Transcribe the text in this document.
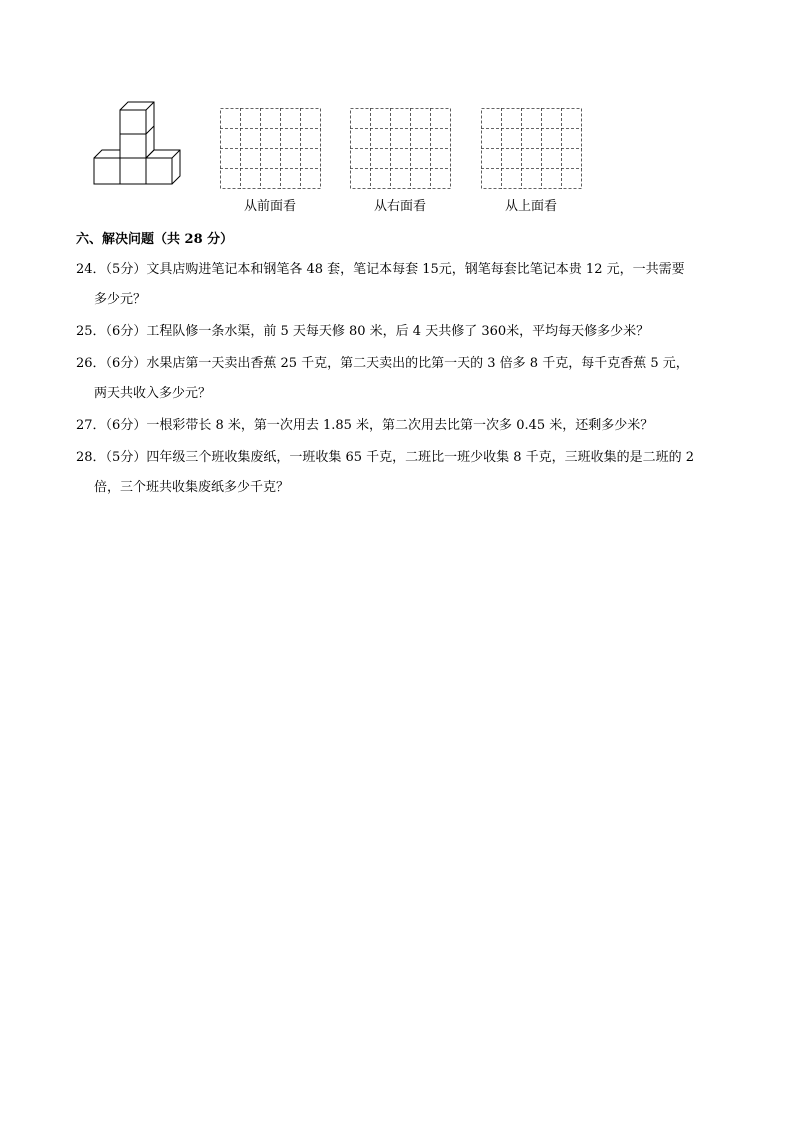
从前面看	从右面看	从上面看
六、解决问题（共 28 分）
24．（5分）文具店购进笔记本和钢笔各 48 套，笔记本每套 15元，钢笔每套比笔记本贵 12 元，一共需要
多少元？
25．（6分）工程队修一条水渠，前 5 天每天修 80 米，后 4 天共修了 360米，平均每天修多少米？
26．（6分）水果店第一天卖出香蕉 25 千克，第二天卖出的比第一天的 3 倍多 8 千克，每千克香蕉 5 元，
两天共收入多少元？
27．（6分）一根彩带长 8 米，第一次用去 1.85 米，第二次用去比第一次多 0.45 米，还剩多少米？
28．（5分）四年级三个班收集废纸，一班收集 65 千克，二班比一班少收集 8 千克，三班收集的是二班的 2
倍，三个班共收集废纸多少千克？
